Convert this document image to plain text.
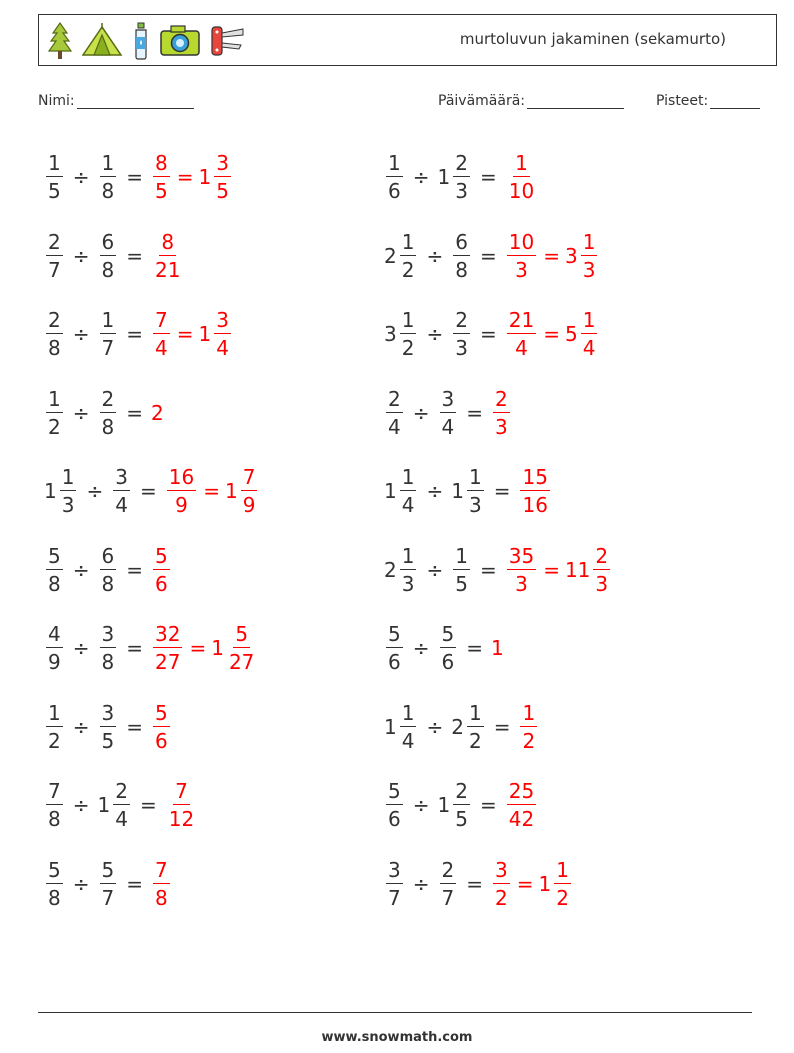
murtoluvun jakaminen (sekamurto)
Nimi:	Päivämäärä:	Pisteet:
$\frac{1}{5} \div \frac{1}{8} = \frac{8}{5} = 1 \frac{3}{5}$	$\frac{1}{6} \div 1 \frac{2}{3} = \frac{1}{10}$
$\frac{2}{7} \div \frac{6}{8} = \frac{8}{21}$	$2 \frac{1}{2} \div \frac{6}{8} = \frac{10}{3} = 3 \frac{1}{3}$
$\frac{2}{8} \div \frac{1}{7} = \frac{7}{4} = 1 \frac{3}{4}$	$3 \frac{1}{2} \div \frac{2}{3} = \frac{21}{4} = 5 \frac{1}{4}$
$\frac{1}{2} \div \frac{2}{8} = 2$	$\frac{2}{4} \div \frac{3}{4} = \frac{2}{3}$
$1 \frac{1}{3} \div \frac{3}{4} = \frac{16}{9} = 1 \frac{7}{9}$	$1 \frac{1}{4} \div 1 \frac{1}{3} = \frac{15}{16}$
$\frac{5}{8} \div \frac{6}{8} = \frac{5}{6}$	$2 \frac{1}{3} \div \frac{1}{5} = \frac{35}{3} = 11 \frac{2}{3}$
$\frac{4}{9} \div \frac{3}{8} = \frac{32}{27} = 1 \frac{5}{27}$	$\frac{5}{6} \div \frac{5}{6} = 1$
$\frac{1}{2} \div \frac{3}{5} = \frac{5}{6}$	$1 \frac{1}{4} \div 2 \frac{1}{2} = \frac{1}{2}$
$\frac{7}{8} \div 1 \frac{2}{4} = \frac{7}{12}$	$\frac{5}{6} \div 1 \frac{2}{5} = \frac{25}{42}$
$\frac{5}{8} \div \frac{5}{7} = \frac{7}{8}$	$\frac{3}{7} \div \frac{2}{7} = \frac{3}{2} = 1 \frac{1}{2}$
www.snowmath.com
